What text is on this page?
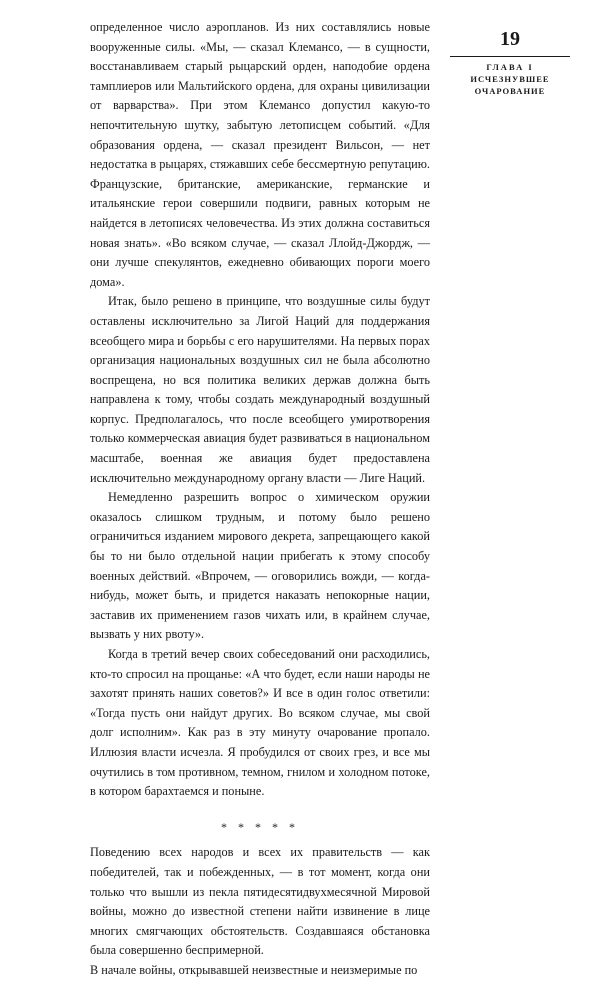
определенное число аэропланов. Из них составлялись новые вооруженные силы. «Мы, — сказал Клемансо, — в сущности, восстанавливаем старый рыцарский орден, наподобие ордена тамплиеров или Мальтийского ордена, для охраны цивилизации от варварства». При этом Клемансо допустил какую-то непочтительную шутку, забытую летописцем событий. «Для образования ордена, — сказал президент Вильсон, — нет недостатка в рыцарях, стяжавших себе бессмертную репутацию. Французские, британские, американские, германские и итальянские герои совершили подвиги, равных которым не найдется в летописях человечества. Из этих должна составиться новая знать». «Во всяком случае, — сказал Ллойд-Джордж, — они лучше спекулянтов, ежедневно обивающих пороги моего дома».

Итак, было решено в принципе, что воздушные силы будут оставлены исключительно за Лигой Наций для поддержания всеобщего мира и борьбы с его нарушителями. На первых порах организация национальных воздушных сил не была абсолютно воспрещена, но вся политика великих держав должна быть направлена к тому, чтобы создать международный воздушный корпус. Предполагалось, что после всеобщего умиротворения только коммерческая авиация будет развиваться в национальном масштабе, военная же авиация будет предоставлена исключительно международному органу власти — Лиге Наций.

Немедленно разрешить вопрос о химическом оружии оказалось слишком трудным, и потому было решено ограничиться изданием мирового декрета, запрещающего какой бы то ни было отдельной нации прибегать к этому способу военных действий. «Впрочем, — оговорились вожди, — когда-нибудь, может быть, и придется наказать непокорные нации, заставив их применением газов чихать или, в крайнем случае, вызвать у них рвоту».

Когда в третий вечер своих собеседований они расходились, кто-то спросил на прощанье: «А что будет, если наши народы не захотят принять наших советов?» И все в один голос ответили: «Тогда пусть они найдут других. Во всяком случае, мы свой долг исполним». Как раз в эту минуту очарование пропало. Иллюзия власти исчезла. Я пробудился от своих грез, и все мы очутились в том противном, темном, гнилом и холодном потоке, в котором барахтаемся и поныне.

* * * * *

Поведению всех народов и всех их правительств — как победителей, так и побежденных, — в тот момент, когда они только что вышли из пекла пятидесятидвухмесячной Мировой войны, можно до известной степени найти извинение в лице многих смягчающих обстоятельств. Создавшаяся обстановка была совершенно беспримерной.

В начале войны, открывавшей неизвестные и неизмеримые по

19
ГЛАВА I
ИСЧЕЗНУВШЕЕ
ОЧАРОВАНИЕ
